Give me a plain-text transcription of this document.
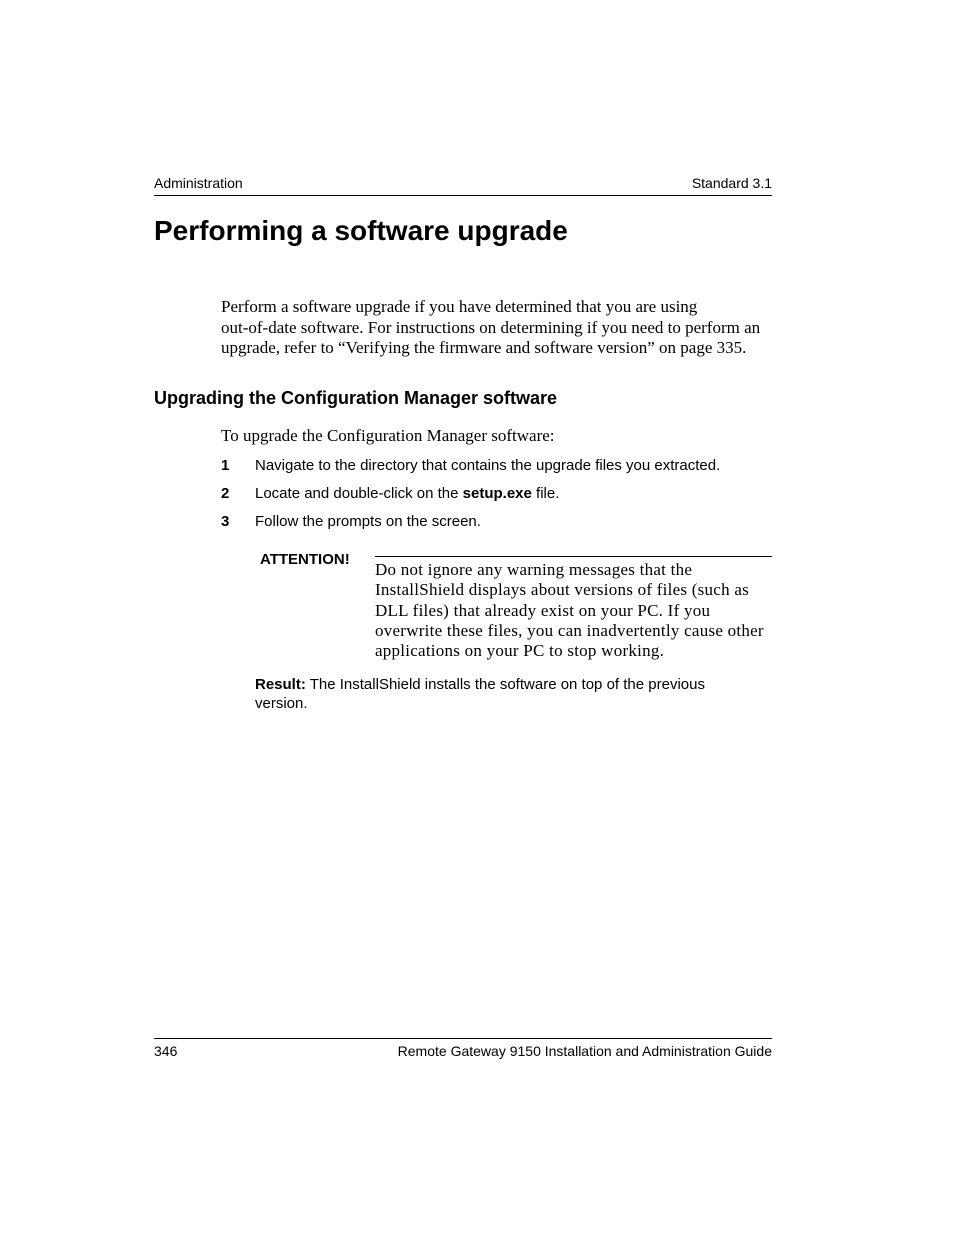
Administration	Standard 3.1
Performing a software upgrade

Perform a software upgrade if you have determined that you are using
out-of-date software. For instructions on determining if you need to perform an
upgrade, refer to “Verifying the firmware and software version” on page 335.

Upgrading the Configuration Manager software

To upgrade the Configuration Manager software:

1 Navigate to the directory that contains the upgrade files you extracted.
2 Locate and double-click on the setup.exe file.
3 Follow the prompts on the screen.
ATTENTION!
Do not ignore any warning messages that the
InstallShield displays about versions of files (such as
DLL files) that already exist on your PC. If you
overwrite these files, you can inadvertently cause other
applications on your PC to stop working.
Result: The InstallShield installs the software on top of the previous
version.
346	Remote Gateway 9150 Installation and Administration Guide
